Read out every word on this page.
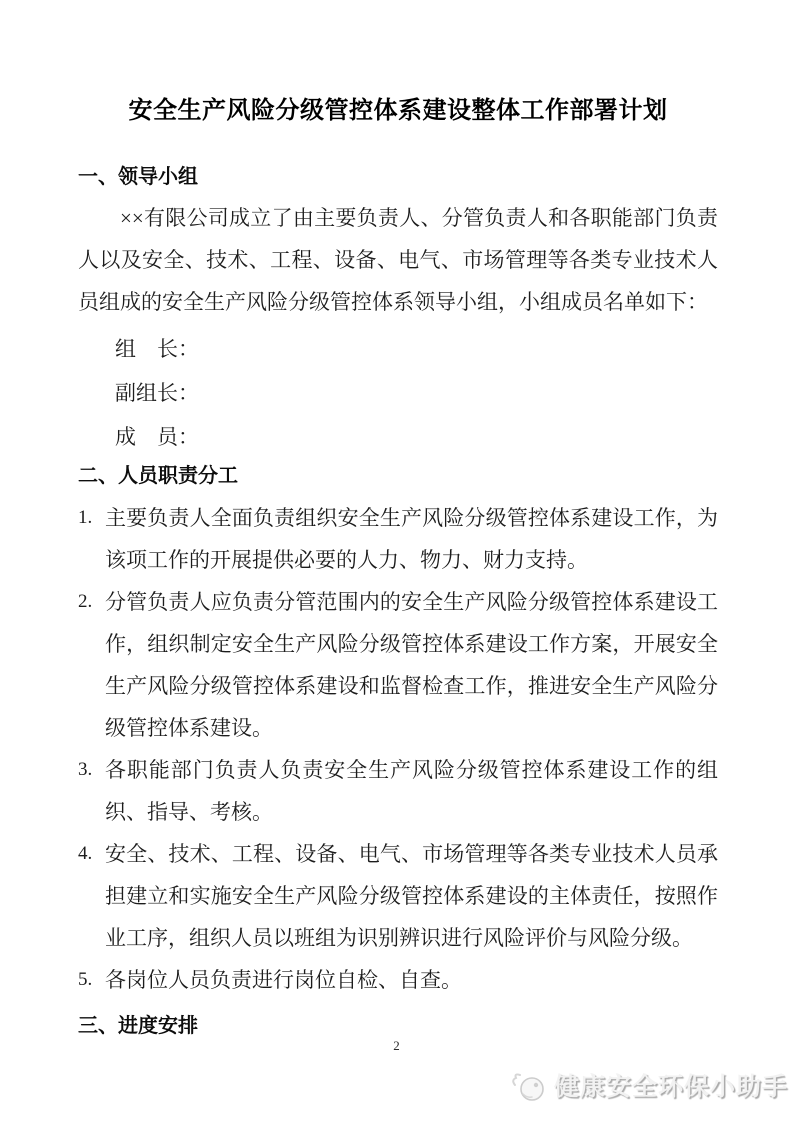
安全生产风险分级管控体系建设整体工作部署计划
一、领导小组

××有限公司成立了由主要负责人、分管负责人和各职能部门负责人以及安全、技术、工程、设备、电气、市场管理等各类专业技术人员组成的安全生产风险分级管控体系领导小组，小组成员名单如下：

组　长：
副组长：
成　员：
二、人员职责分工
1. 主要负责人全面负责组织安全生产风险分级管控体系建设工作，为该项工作的开展提供必要的人力、物力、财力支持。
2. 分管负责人应负责分管范围内的安全生产风险分级管控体系建设工作，组织制定安全生产风险分级管控体系建设工作方案，开展安全生产风险分级管控体系建设和监督检查工作，推进安全生产风险分级管控体系建设。
3. 各职能部门负责人负责安全生产风险分级管控体系建设工作的组织、指导、考核。
4. 安全、技术、工程、设备、电气、市场管理等各类专业技术人员承担建立和实施安全生产风险分级管控体系建设的主体责任，按照作业工序，组织人员以班组为识别辨识进行风险评价与风险分级。
5. 各岗位人员负责进行岗位自检、自查。
三、进度安排
2
健康安全环保小助手
